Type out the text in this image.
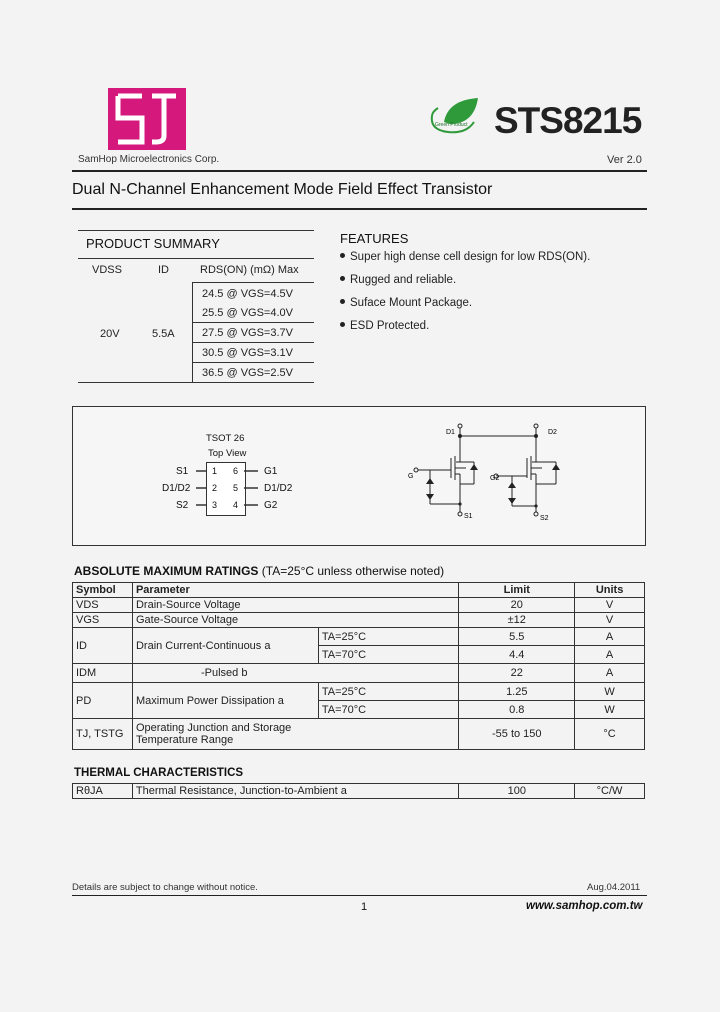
SamHop Microelectronics Corp.
Green Product STS8215
Ver 2.0
Dual N-Channel Enhancement Mode Field Effect Transistor
PRODUCT SUMMARY
VDSS	ID	RDS(ON) (mΩ) Max
24.5 @ VGS=4.5V
25.5 @ VGS=4.0V
27.5 @ VGS=3.7V
30.5 @ VGS=3.1V
36.5 @ VGS=2.5V
20V	5.5A
FEATURES
Super high dense cell design for low RDS(ON).
Rugged and reliable.
Suface Mount Package.
ESD Protected.
TSOT 26
Top View
S1
D1/D2
S2
1
2
3
6
5
4
G1
D1/D2
G2
D1	D2
G	G2
S1	S2
ABSOLUTE MAXIMUM RATINGS (TA=25°C unless otherwise noted)
Symbol	Parameter		Limit	Units
VDS	Drain-Source Voltage		20	V
VGS	Gate-Source Voltage		±12	V
ID	Drain Current-Continuous a	TA=25°C	5.5	A
		TA=70°C	4.4	A
IDM	-Pulsed b		22	A
PD	Maximum Power Dissipation a	TA=25°C	1.25	W
		TA=70°C	0.8	W
TJ, TSTG	Operating Junction and Storage
Temperature Range		-55 to 150	°C
THERMAL CHARACTERISTICS
RθJA	Thermal Resistance, Junction-to-Ambient a	100	°C/W
Details are subject to change without notice.	Aug.04.2011
1	www.samhop.com.tw
